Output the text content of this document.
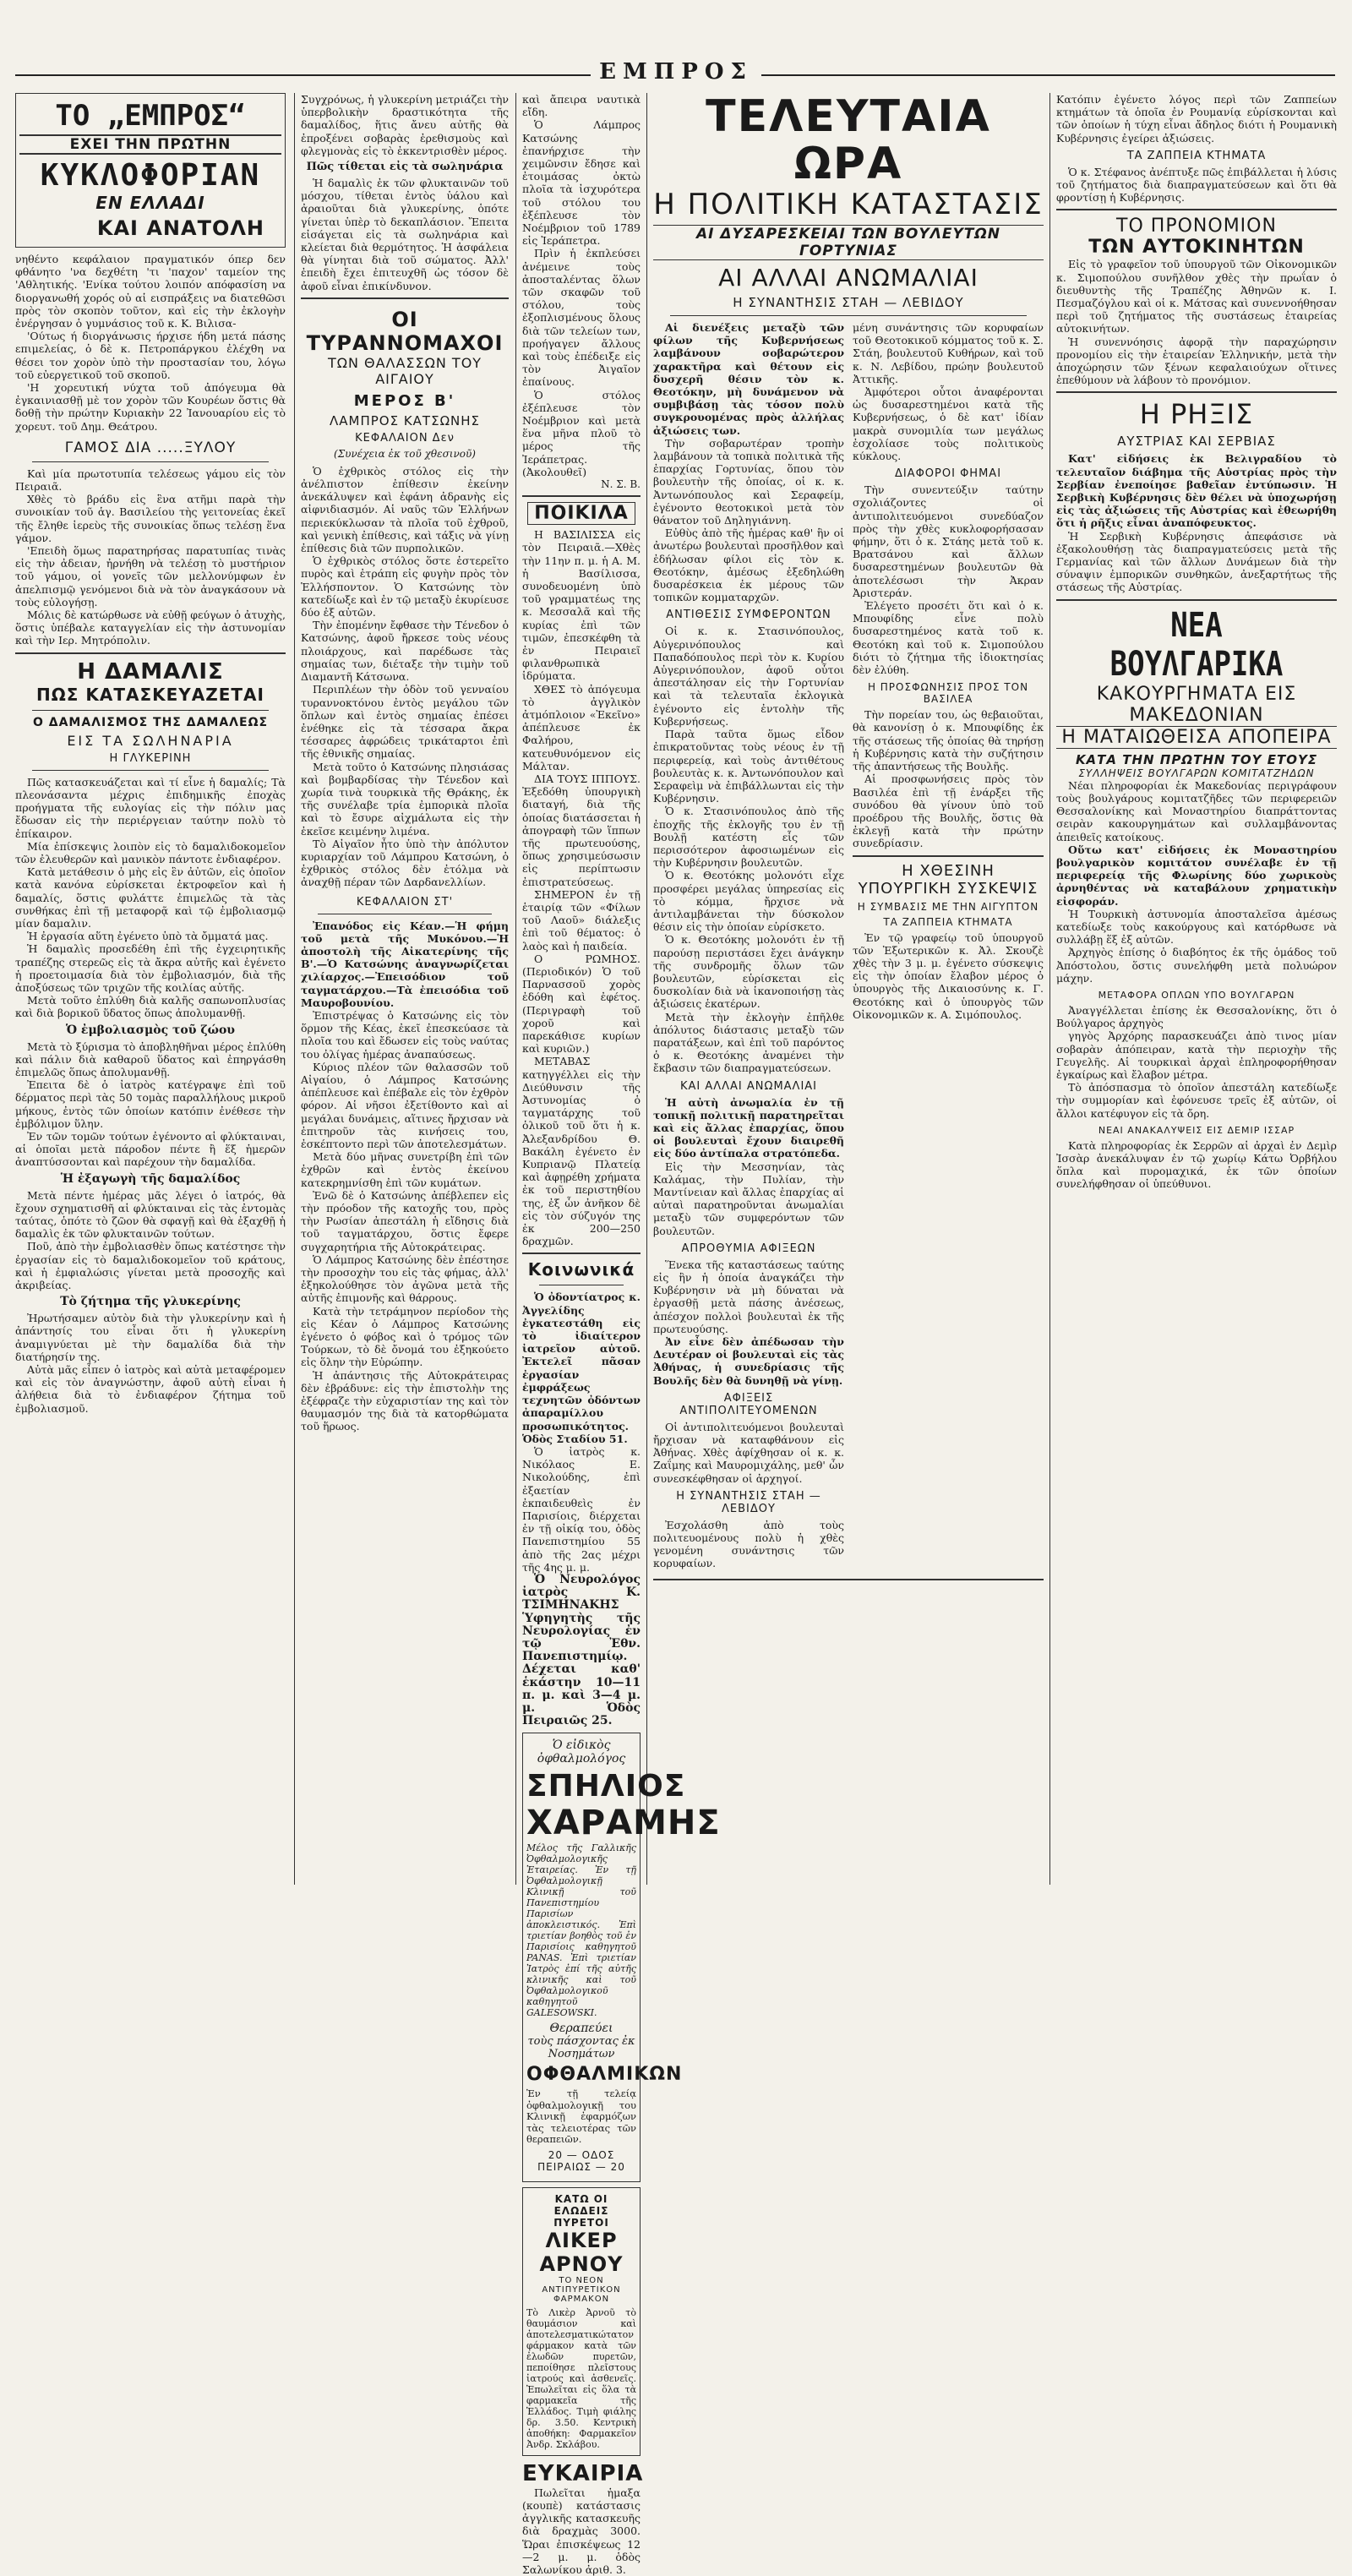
ΕΜΠΡΟΣ
ΤΟ „ΕΜΠΡΟΣ“
ΕΧΕΙ ΤΗΝ ΠΡΩΤΗΝ
ΚΥΚΛΟΦΟΡΙΑΝ
ΕΝ ΕΛΛΑΔΙ
ΚΑΙ ΑΝΑΤΟΛΗ

νηθέντο κεφάλαιον πραγματικόν όπερ δεν φθάνητο 'να δεχθέτη 'τι 'παχον' ταμείον της 'Αθλητικής. 'Ενίκα τούτου λοιπόν απόφασίση να διοργανωθή χορός οὐ αἱ εισπράξεις να διατεθῶσι πρὸς τὸν σκοπὸν τοῦτον, καὶ εἰς τὴν ἐκλογὴν ἐνέργησαν ὁ γυμνάσιος τοῦ κ. Κ. Βιλισα-

'Ούτως ή διοργάνωσις ήρχισε ήδη μετά πάσης επιμελείας, ὁ δὲ κ. Πετροπάργκου ἐλέχθη να θέσει τον χορὸν ὑπὸ τὴν προστασίαν του, λόγω τοῦ εὐεργετικοῦ τοῦ σκοποῦ.

'Η χορευτική νύχτα τοῦ ἀπόγευμα θὰ ἐγκαινιασθῇ μὲ τον χορὸν τῶν Κουρέων ὅστις θὰ δοθῇ τὴν πρώτην Κυριακὴν 22 Ἰανουαρίου εἰς τὸ χορευτ. τοῦ Δημ. Θεάτρου.

ΓΑΜΟΣ ΔΙΑ .....ΞΥΛΟΥ

Καὶ μία πρωτοτυπία τελέσεως γάμου εἰς τὸν Πειραιᾶ.

Χθὲς τὸ βράδυ εἰς ἓνα ατῆμι παρὰ τὴν συνοικίαν τοῦ ἁγ. Βασιλείου τὴς γειτονείας ἐκεῖ τῆς ἔληθε ἱερεὺς τῆς συνοικίας ὅπως τελέσῃ ἕνα γάμον.

'Επειδὴ ὅμως παρατηρήσας παρατυπίας τινὰς εἰς τὴν ἀδειαν, ἠρνήθη νὰ τελέσῃ τὸ μυστήριον τοῦ γάμου, οἱ γονεῖς τῶν μελλονύμφων ἐν ἀπελπισμῷ γενόμενοι διὰ νὰ τὸν ἀναγκάσουν νὰ τοὺς εὐλογήσῃ.

Μόλις δὲ κατώρθωσε νὰ εὐθῇ φεύγων ὁ ἀτυχὴς, ὅστις ὑπέβαλε καταγγελίαν εἰς τὴν ἀστυνομίαν καὶ τὴν Ιερ. Μητρόπολιν.

Η ΔΑΜΑΛΙΣ
ΠΩΣ ΚΑΤΑΣΚΕΥΑΖΕΤΑΙ
Ο ΔΑΜΑΛΙΣΜΟΣ ΤΗΣ ΔΑΜΑΛΕΩΣ
ΕΙΣ ΤΑ ΣΩΛΗΝΑΡΙΑ
Η ΓΛΥΚΕΡΙΝΗ

Πῶς κατασκευάζεται καὶ τί εἶνε ἡ δαμαλίς; Τὰ πλεονάσαντα μέχρις ἐπιδημικῆς ἐποχὰς προήγματα τῆς ευλογίας εἰς τὴν πόλιν μας ἔδωσαν εἰς τὴν περιέργειαν ταύτην πολὺ τὸ ἐπίκαιρον.

Μία ἐπίσκεψις λοιπὸν εἰς τὸ δαμαλιδοκομεῖον τῶν ἐλευθερῶν καὶ μανικὸν πάντοτε ἐνδιαφέρον.

Κατὰ μετάθεσιν ὁ μὴς εἰς ἓν ἀὐτῶν, εἰς ὁποῖον κατὰ κανόνα εὑρίσκεται ἐκτροφεῖον καὶ ἡ δαμαλίς, ὅστις φυλάττε ἐπιμελῶς τὰ τὰς συνθήκας ἐπὶ τῇ μεταφορᾷ καὶ τῷ ἐμβολιασμῷ μίαν δαμαλιν.

Ἡ ἐργασία αὕτη ἐγένετο ὑπὸ τὰ ὄμματά μας.

Ἡ δαμαλὶς προσεδέθη ἐπὶ τῆς ἐγχειρητικῆς τραπέζης στερεῶς εἰς τὰ ἄκρα αὐτῆς καὶ ἐγένετο ἡ προετοιμασία διὰ τὸν ἐμβολιασμόν, διὰ τῆς ἀποξύσεως τῶν τριχῶν τῆς κοιλίας αὐτῆς.

Μετὰ τοῦτο ἐπλύθη διὰ καλῆς σαπωνοπλυσίας καὶ διὰ βορικοῦ ὕδατος ὅπως ἀπολυμανθῇ.

Ὁ ἐμβολιασμὸς τοῦ ζώου

Μετὰ τὸ ξύρισμα τὸ ἀποβληθῆναι μέρος ἐπλύθη καὶ πάλιν διὰ καθαροῦ ὕδατος καὶ ἐπηργάσθη ἐπιμελῶς ὅπως ἀπολυμανθῇ.

Ἐπειτα δὲ ὁ ἰατρὸς κατέγραψε ἐπὶ τοῦ δέρματος περὶ τὰς 50 τομὰς παραλλήλους μικροῦ μήκους, ἐντὸς τῶν ὁποίων κατόπιν ἐνέθεσε τὴν ἐμβόλιμον ὕλην.

Ἐν τῶν τομῶν τούτων ἐγένοντο αἱ φλύκταιναι, αἱ ὁποῖαι μετὰ πάροδον πέντε ἢ ἕξ ἡμερῶν ἀναπτύσσονται καὶ παρέχουν τὴν δαμαλίδα.

Ἡ ἐξαγωγὴ τῆς δαμαλίδος

Μετὰ πέντε ἡμέρας μᾶς λέγει ὁ ἰατρός, θὰ ἔχουν σχηματισθῆ αἱ φλύκταιναι εἰς τὰς ἐντομὰς ταύτας, ὁπότε τὸ ζῶον θὰ σφαγῇ καὶ θὰ ἐξαχθῇ ἡ δαμαλὶς ἐκ τῶν φλυκταινῶν τούτων.

Ποῦ, ἀπὸ τὴν ἐμβολιασθὲν ὅπως κατέστησε τὴν ἐργασίαν εἰς τὸ δαμαλιδοκομεῖον τοῦ κράτους, καὶ ἡ ἐμφιαλώσις γίνεται μετὰ προσοχῆς καὶ ἀκριβείας.

Τὸ ζήτημα τῆς γλυκερίνης

Ἠρωτήσαμεν αὐτὸν διὰ τὴν γλυκερίνην καὶ ἡ ἀπάντησίς του εἶναι ὅτι ἡ γλυκερίνη ἀναμιγνύεται μὲ τὴν δαμαλίδα διὰ τὴν διατήρησίν της.

Αὐτὰ μᾶς εἶπεν ὁ ἰατρὸς καὶ αὐτὰ μεταφέρομεν καὶ εἰς τὸν ἀναγνώστην, ἀφοῦ αὐτὴ εἶναι ἡ ἀλήθεια διὰ τὸ ἐνδιαφέρον ζήτημα τοῦ ἐμβολιασμοῦ.

Συγχρόνως, ἡ γλυκερίνη μετριάζει τὴν ὑπερβολικὴν δραστικότητα τῆς δαμαλίδος, ἥτις ἄνευ αὐτῆς θὰ ἐπροξένει σοβαρὰς ἐρεθισμοὺς καὶ φλεγμονὰς εἰς τὸ ἐκκεντρισθὲν μέρος.

Πῶς τίθεται εἰς τὰ σωληνάρια

Ἡ δαμαλὶς ἐκ τῶν φλυκταινῶν τοῦ μόσχου, τίθεται ἐντὸς ὑάλου καὶ ἀραιοῦται διὰ γλυκερίνης, ὁπότε γίνεται ὑπὲρ τὸ δεκαπλάσιον. Ἔπειτα εἰσάγεται εἰς τὰ σωληνάρια καὶ κλείεται διὰ θερμότητος. Ἡ ἀσφάλεια θὰ γίνηται διὰ τοῦ σώματος. Ἀλλ' ἐπειδὴ ἔχει ἐπιτευχθῆ ὡς τόσον δὲ ἀφοῦ εἶναι ἐπικίνδυνον.

ΟΙ ΤΥΡΑΝΝΟΜΑΧΟΙ
ΤΩΝ ΘΑΛΑΣΣΩΝ ΤΟΥ ΑΙΓΑΙΟΥ
ΜΕΡΟΣ Β'
ΛΑΜΠΡΟΣ ΚΑΤΣΩΝΗΣ
ΚΕΦΑΛΑΙΟΝ Δεν
(Συνέχεια ἐκ τοῦ χθεσινοῦ)

Ὁ ἐχθρικὸς στόλος εἰς τὴν ἀνέλπιστον ἐπίθεσιν ἐκείνην ἀνεκάλυψεν καὶ ἐφάνη ἀδρανὴς εἰς αἰφνιδιασμόν. Αἱ ναῦς τῶν Ἑλλήνων περιεκύκλωσαν τὰ πλοῖα τοῦ ἐχθροῦ, καὶ γενικὴ ἐπίθεσις, καὶ τάξις νὰ γίνῃ ἐπίθεσις διὰ τῶν πυρπολικῶν.

Ὁ ἐχθρικὸς στόλος ὅστε ἐστερεῖτο πυρὸς καὶ ἐτράπη εἰς φυγὴν πρὸς τὸν Ἑλλήσποντον. Ὁ Κατσώνης τὸν κατεδίωξε καὶ ἐν τῷ μεταξὺ ἐκυρίευσε δύο ἐξ αὐτῶν.

Τὴν ἐπομένην ἔφθασε τὴν Τένεδον ὁ Κατσώνης, ἀφοῦ ἤρκεσε τοὺς νέους πλοιάρχους, καὶ παρέδωσε τὰς σημαίας των, διέταξε τὴν τιμὴν τοῦ Διαμαντῆ Κάτσωνα.

Περιπλέων τὴν ὁδὸν τοῦ γενναίου τυραννοκτόνου ἐντὸς μεγάλου τῶν ὅπλων καὶ ἐντὸς σημαίας ἐπέσει ἐνέθηκε εἰς τὰ τέσσαρα ἄκρα τέσσαρες ἀφρώδεις τρικάταρτοι ἐπὶ τῆς ἐθνικῆς σημαίας.

Μετὰ τοῦτο ὁ Κατσώνης πλησιάσας καὶ βομβαρδίσας τὴν Τένεδον καὶ χωρία τινὰ τουρκικὰ τῆς Θράκης, ἐκ τῆς συνέλαβε τρία ἐμπορικὰ πλοῖα καὶ τὸ ἔσυρε αἰχμάλωτα εἰς τὴν ἐκεῖσε κειμένην λιμένα.

Τὸ Αἰγαῖον ἦτο ὑπὸ τὴν ἀπόλυτον κυριαρχίαν τοῦ Λάμπρου Κατσώνη, ὁ ἐχθρικὸς στόλος δὲν ἐτόλμα νὰ ἀναχθῇ πέραν τῶν Δαρδανελλίων.

ΚΕΦΑΛΑΙΟΝ ΣΤ'

Ἐπανόδος εἰς Κέαν.—Ἡ φήμη τοῦ μετὰ τῆς Μυκόνου.—Ἡ ἀποστολὴ τῆς Αἰκατερίνης τῆς Β'.—Ὁ Κατσώνης ἀναγνωρίζεται χιλίαρχος.—Ἐπεισόδιον τοῦ ταγματάρχου.—Τὰ ἐπεισόδια τοῦ Μαυροβουνίου.

Ἐπιστρέψας ὁ Κατσώνης εἰς τὸν ὅρμον τῆς Κέας, ἐκεῖ ἐπεσκεύασε τὰ πλοῖα του καὶ ἔδωσεν εἰς τοὺς ναύτας του ὀλίγας ἡμέρας ἀναπαύσεως.

Κύριος πλέον τῶν θαλασσῶν τοῦ Αἰγαίου, ὁ Λάμπρος Κατσώνης ἀπέπλευσε καὶ ἐπέβαλε εἰς τὸν ἐχθρὸν φόρον. Αἱ νῆσοι ἐξετίθοντο καὶ αἱ μεγάλαι δυνάμεις, αἵτινες ἤρχισαν νὰ ἐπιτηροῦν τὰς κινήσεις του, ἐσκέπτοντο περὶ τῶν ἀποτελεσμάτων.

Μετὰ δύο μῆνας συνετρίβη ἐπὶ τῶν ἐχθρῶν καὶ ἐντὸς ἐκείνου κατεκρημνίσθη ἐπὶ τῶν κυμάτων.

Ἐνῶ δὲ ὁ Κατσώνης ἀπέβλεπεν εἰς τὴν πρόοδον τῆς κατοχῆς του, πρὸς τὴν Ρωσίαν ἀπεστάλη ἡ εἴδησις διὰ τοῦ ταγματάρχου, ὅστις ἔφερε συγχαρητήρια τῆς Αὐτοκράτειρας.

Ὁ Λάμπρος Κατσώνης δὲν ἐπέστησε τὴν προσοχὴν του εἰς τὰς φήμας, ἀλλ' ἐξηκολούθησε τὸν ἀγῶνα μετὰ τῆς αὐτῆς ἐπιμονῆς καὶ θάρρους.

Κατὰ τὴν τετράμηνον περίοδον τὴς εἰς Κέαν ὁ Λάμπρος Κατσώνης ἐγένετο ὁ φόβος καὶ ὁ τρόμος τῶν Τούρκων, τὸ δὲ ὄνομά του ἐξηκούετο εἰς ὅλην τὴν Εὐρώπην.

Ἡ ἀπάντησις τῆς Αὐτοκράτειρας δὲν ἐβράδυνε: εἰς τὴν ἐπιστολὴν της ἐξέφραζε τὴν εὐχαριστίαν της καὶ τὸν θαυμασμόν της διὰ τὰ κατορθώματα τοῦ ἥρωος.

καὶ ἄπειρα ναυτικὰ εἴδη.

Ὁ Λάμπρος Κατσώνης ἐπανήρχισε τὴν χειμῶνσιν ἔδησε καὶ ἐτοιμάσας ὀκτὼ πλοῖα τὰ ἰσχυρότερα τοῦ στόλου του ἐξέπλευσε τὸν Νοέμβριον τοῦ 1789 εἰς Ἰεράπετρα.

Πρὶν ἡ ἐκπλεύσει ἀνέμεινε τοὺς ἀποσταλέντας ὅλων τῶν σκαφῶν τοῦ στόλου, τοὺς ἐξοπλισμένους ὅλους διὰ τῶν τελείων των, προήγαγεν ἄλλους καὶ τοὺς ἐπέδειξε εἰς τὸν Ἀιγαῖον ἐπαίνους.

Ὁ στόλος ἐξέπλευσε τὸν Νοέμβριον καὶ μετὰ ἕνα μῆνα πλοῦ τὸ μέρος τῆς Ἰεράπετρας. (Ἀκολουθεῖ)

Ν. Σ. Β.
ΠΟΙΚΙΛΑ

Η ΒΑΣΙΛΙΣΣΑ εἰς τὸν Πειραιᾶ.—Χθὲς τὴν 11ην π. μ. ἡ Α. Μ. ἡ Βασίλισσα, συνοδευομένη ὑπὸ τοῦ γραμματέως της κ. Μεσσαλᾶ καὶ τῆς κυρίας ἐπὶ τῶν τιμῶν, ἐπεσκέφθη τὰ ἐν Πειραιεῖ φιλανθρωπικὰ ἱδρύματα.

ΧΘΕΣ τὸ ἀπόγευμα τὸ ἀγγλικὸν ἀτμόπλοιον «Ἐκεῖνο» ἀπέπλευσε ἐκ Φαλήρου, κατευθυνόμενον εἰς Μάλταν.

ΔΙΑ ΤΟΥΣ ΙΠΠΟΥΣ. Ἐξεδόθη ὑπουργικὴ διαταγή, διὰ τῆς ὁποίας διατάσσεται ἡ ἀπογραφὴ τῶν ἵππων τῆς πρωτευούσης, ὅπως χρησιμεύσωσιν εἰς περίπτωσιν ἐπιστρατεύσεως.

ΣΗΜΕΡΟΝ ἐν τῇ ἑταιρίᾳ τῶν «Φίλων τοῦ Λαοῦ» διάλεξις ἐπὶ τοῦ θέματος: ὁ λαὸς καὶ ἡ παιδεία.

Ο ΡΩΜΗΟΣ. (Περιοδικόν) Ὁ τοῦ Παρνασσοῦ χορὸς ἐδόθη καὶ ἐφέτος. (Περιγραφὴ τοῦ χοροῦ καὶ παρεκάθισε κυρίων καὶ κυριῶν.)

ΜΕΤΑΒΑΣ κατηγγέλλει εἰς τὴν Διεύθυνσιν τῆς Ἀστυνομίας ὁ ταγματάρχης τοῦ ὁλικοῦ τοῦ ὅτι ἡ κ. Ἀλεξανδρίδου Θ. Βακάλη ἐγένετο ἐν Κυπριανῷ Πλατείᾳ καὶ ἀφῃρέθη χρήματα ἐκ τοῦ περιστηθίου της, ἐξ ὧν ἀνῆκον δὲ εἰς τὸν σύζυγόν της ἐκ 200—250 δραχμῶν.

Κοινωνικά

Ὁ ὀδοντίατρος κ. Ἀγγελίδης ἐγκατεστάθη εἰς τὸ ἰδιαίτερον ἰατρεῖον αὐτοῦ. Ἐκτελεῖ πᾶσαν ἐργασίαν ἐμφράξεως τεχνητῶν ὀδόντων ἀπαραμίλλου προσωπικότητος. Ὁδὸς Σταδίου 51.

Ὁ ἰατρὸς κ. Νικόλαος Ε. Νικολούδης, ἐπὶ ἐξαετίαν ἐκπαιδευθεὶς ἐν Παρισίοις, διέρχεται ἐν τῇ οἰκίᾳ του, ὁδὸς Πανεπιστημίου 55 ἀπὸ τῆς 2ας μέχρι τῆς 4ης μ. μ.

Ὁ Νευρολόγος ἰατρὸς Κ. ΤΣΙΜΗΝΑΚΗΣ Ὑφηγητὴς τῆς Νευρολογίας ἐν τῷ Ἐθν. Πανεπιστημίῳ. Δέχεται καθ' ἑκάστην 10—11 π. μ. καὶ 3—4 μ. μ. Ὁδὸς Πειραιῶς 25.

Ὁ εἰδικὸς ὀφθαλμολόγος
ΣΠΗΛΙΟΣ
ΧΑΡΑΜΗΣ

Μέλος τῆς Γαλλικῆς Ὀφθαλμολογικῆς Ἑταιρείας. Ἐν τῇ Ὀφθαλμολογικῇ Κλινικῇ τοῦ Πανεπιστημίου Παρισίων ἀποκλειστικός. Ἐπὶ τριετίαν βοηθὸς τοῦ ἐν Παρισίοις καθηγητοῦ PANAS. Ἐπὶ τριετίαν Ἰατρὸς ἐπί τῆς αὐτῆς κλινικῆς καὶ τοῦ Ὀφθαλμολογικοῦ καθηγητοῦ GALESOWSKI.

Θεραπεύει
τοὺς πάσχοντας ἐκ Νοσημάτων
ΟΦΘΑΛΜΙΚΩΝ

Ἐν τῇ τελείᾳ ὀφθαλμολογικῇ του Κλινικῇ ἐφαρμόζων τὰς τελειοτέρας τῶν θεραπειῶν.

20 — ΟΔΟΣ ΠΕΙΡΑΙΩΣ — 20
ΚΑΤΩ ΟΙ ΕΛΩΔΕΙΣ ΠΥΡΕΤΟΙ
ΛΙΚΕΡ ΑΡΝΟΥ
ΤΟ ΝΕΟΝ ΑΝΤΙΠΥΡΕΤΙΚΟΝ ΦΑΡΜΑΚΟΝ

Τὸ Λικὲρ Ἀρνοῦ τὸ θαυμάσιον καὶ ἀποτελεσματικώτατον φάρμακον κατὰ τῶν ἐλωδῶν πυρετῶν, πεποίθησε πλεῖστους ἰατρούς καὶ ἀσθενεῖς. Ἐπωλεῖται εἰς ὅλα τὰ φαρμακεῖα τῆς Ἑλλάδος. Τιμὴ φιάλης δρ. 3.50. Κεντρικὴ ἀποθήκη: Φαρμακεῖον Ἀνδρ. Σκλάβου.

ΕΥΚΑΙΡΙΑ

Πωλεῖται ἡμαξα (κουπὲ) κατάστασις ἀγγλικῆς κατασκευῆς διὰ δραχμὰς 3000. Ὥραι ἐπισκέψεως 12—2 μ. μ. ὁδὸς Σαλωνίκου ἀριθ. 3.

ΤΕΛΕΥΤΑΙΑ ΩΡΑ
Η ΠΟΛΙΤΙΚΗ ΚΑΤΑΣΤΑΣΙΣ
ΑΙ ΔΥΣΑΡΕΣΚΕΙΑΙ ΤΩΝ ΒΟΥΛΕΥΤΩΝ ΓΟΡΤΥΝΙΑΣ
ΑΙ ΑΛΛΑΙ ΑΝΩΜΑΛΙΑΙ
Η ΣΥΝΑΝΤΗΣΙΣ ΣΤΑΗ — ΛΕΒΙΔΟΥ

Αἱ διενέξεις μεταξὺ τῶν φίλων τῆς Κυβερνήσεως λαμβάνουν σοβαρώτερον χαρακτῆρα καὶ θέτουν εἰς δυσχερῆ θέσιν τὸν κ. Θεοτόκην, μὴ δυνάμενον νὰ συμβιβάσῃ τὰς τόσον πολὺ συγκρουομένας πρὸς ἀλλήλας ἀξιώσεις των.

Τὴν σοβαρωτέραν τροπὴν λαμβάνουν τὰ τοπικὰ πολιτικὰ τῆς ἐπαρχίας Γορτυνίας, ὅπου τὸν βουλευτὴν τῆς ὁποίας, οἱ κ. κ. Ἀντωνόπουλος καὶ Σεραφείμ, ἐγένοντο θεοτοκικοὶ μετὰ τὸν θάνατον τοῦ Δηληγιάννη.

Εὐθὺς ἀπὸ τῆς ἡμέρας καθ' ἣν οἱ ἀνωτέρω βουλευταὶ προσῆλθον καὶ ἐδήλωσαν φίλοι εἰς τὸν κ. Θεοτόκην, ἀμέσως ἐξεδηλώθη δυσαρέσκεια ἐκ μέρους τῶν τοπικῶν κομματαρχῶν.

ΑΝΤΙΘΕΣΙΣ ΣΥΜΦΕΡΟΝΤΩΝ

Οἱ κ. κ. Στασινόπουλος, Αὐγερινόπουλος καὶ Παπαδόπουλος περὶ τὸν κ. Κυρίου Αὐγερινόπουλον, ἀφοῦ οὗτοι ἀπεστάλησαν εἰς τὴν Γορτυνίαν καὶ τὰ τελευταῖα ἐκλογικὰ ἐγένοντο εἰς ἐντολὴν τῆς Κυβερνήσεως.

Παρὰ ταῦτα ὅμως εἶδον ἐπικρατοῦντας τοὺς νέους ἐν τῇ περιφερείᾳ, καὶ τοὺς ἀντιθέτους βουλευτὰς κ. κ. Ἀντωνόπουλον καὶ Σεραφεὶμ νὰ ἐπιβάλλωνται εἰς τὴν Κυβέρνησιν.

Ὁ κ. Στασινόπουλος ἀπὸ τῆς ἐποχῆς τῆς ἐκλογῆς του ἐν τῇ Βουλῇ κατέστη εἷς τῶν περισσότερον ἀφοσιωμένων εἰς τὴν Κυβέρνησιν βουλευτῶν.

Ὁ κ. Θεοτόκης μολονότι εἶχε προσφέρει μεγάλας ὑπηρεσίας εἰς τὸ κόμμα, ἤρχισε νὰ ἀντιλαμβάνεται τὴν δύσκολον θέσιν εἰς τὴν ὁποίαν εὑρίσκετο.

Ὁ κ. Θεοτόκης μολονότι ἐν τῇ παρούσῃ περιστάσει ἔχει ἀνάγκην τῆς συνδρομῆς ὅλων τῶν βουλευτῶν, εὑρίσκεται εἰς δυσκολίαν διὰ νὰ ἱκανοποιήσῃ τὰς ἀξιώσεις ἑκατέρων.

Μετὰ τὴν ἐκλογὴν ἐπῆλθε ἀπόλυτος διάστασις μεταξὺ τῶν παρατάξεων, καὶ ἐπὶ τοῦ παρόντος ὁ κ. Θεοτόκης ἀναμένει τὴν ἔκβασιν τῶν διαπραγματεύσεων.

ΚΑΙ ΑΛΛΑΙ ΑΝΩΜΑΛΙΑΙ

Ἡ αὐτὴ ἀνωμαλία ἐν τῇ τοπικῇ πολιτικῇ παρατηρεῖται καὶ εἰς ἄλλας ἐπαρχίας, ὅπου οἱ βουλευταὶ ἔχουν διαιρεθῆ εἰς δύο ἀντίπαλα στρατόπεδα.

Εἰς τὴν Μεσσηνίαν, τὰς Καλάμας, τὴν Πυλίαν, τὴν Μαντίνειαν καὶ ἄλλας ἐπαρχίας αἱ αὐταὶ παρατηροῦνται ἀνωμαλίαι μεταξὺ τῶν συμφερόντων τῶν βουλευτῶν.

ΑΠΡΟΘΥΜΙΑ ΑΦΙΞΕΩΝ

Ἕνεκα τῆς καταστάσεως ταύτης εἰς ἣν ἡ ὁποία ἀναγκάζει τὴν Κυβέρνησιν νὰ μὴ δύναται νὰ ἐργασθῇ μετὰ πάσης ἀνέσεως, ἀπέσχον πολλοὶ βουλευταὶ ἐκ τῆς πρωτευούσης.

Ἀν εἶνε δὲν ἀπέδωσαν τὴν Δευτέραν οἱ βουλευταὶ εἰς τὰς Ἀθήνας, ἡ συνεδρίασις τῆς Βουλῆς δὲν θὰ δυνηθῇ νὰ γίνῃ.

ΑΦΙΞΕΙΣ ΑΝΤΙΠΟΛΙΤΕΥΟΜΕΝΩΝ

Οἱ ἀντιπολιτευόμενοι βουλευταὶ ἤρχισαν νὰ καταφθάνουν εἰς Ἀθήνας. Χθὲς ἀφίχθησαν οἱ κ. κ. Ζαΐμης καὶ Μαυρομιχάλης, μεθ' ὧν συνεσκέφθησαν οἱ ἀρχηγοί.

Η ΣΥΝΑΝΤΗΣΙΣ ΣΤΑΗ — ΛΕΒΙΔΟΥ

Ἐσχολάσθη ἀπὸ τοὺς πολιτευομένους πολὺ ἡ χθὲς γενομένη συνάντησις τῶν κορυφαίων.

μένη συνάντησις τῶν κορυφαίων τοῦ Θεοτοκικοῦ κόμματος τοῦ κ. Σ. Στάη, βουλευτοῦ Κυθήρων, καὶ τοῦ κ. Ν. Λεβίδου, πρώην βουλευτοῦ Ἀττικῆς.

Ἀμφότεροι οὗτοι ἀναφέρονται ὡς δυσαρεστημένοι κατὰ τῆς Κυβερνήσεως, ὁ δὲ κατ' ἰδίαν μακρὰ συνομιλία των μεγάλως ἐσχολίασε τοὺς πολιτικοὺς κύκλους.

ΔΙΑΦΟΡΟΙ ΦΗΜΑΙ

Τὴν συνεντεύξιν ταύτην σχολιάζοντες οἱ ἀντιπολιτευόμενοι συνεδύαζον πρὸς τὴν χθὲς κυκλοφορήσασαν φήμην, ὅτι ὁ κ. Στάης μετὰ τοῦ κ. Βρατσάνου καὶ ἄλλων δυσαρεστημένων βουλευτῶν θὰ ἀποτελέσωσι τὴν Ἀκραν Ἀριστεράν.

Ἐλέγετο προσέτι ὅτι καὶ ὁ κ. Μπουφίδης εἶνε πολὺ δυσαρεστημένος κατὰ τοῦ κ. Θεοτόκη καὶ τοῦ κ. Σιμοπούλου διότι τὸ ζήτημα τῆς ἰδιοκτησίας δὲν ἐλύθη.

Η ΠΡΟΣΦΩΝΗΣΙΣ ΠΡΟΣ ΤΟΝ ΒΑΣΙΛΕΑ

Τὴν πορείαν του, ὡς θεβαιοῦται, θὰ κανονίσῃ ὁ κ. Μπουφίδης ἐκ τῆς στάσεως τῆς ὁποίας θὰ τηρήσῃ ἡ Κυβέρνησις κατὰ τὴν συζήτησιν τῆς ἀπαντήσεως τῆς Βουλῆς.

Αἱ προσφωνήσεις πρὸς τὸν Βασιλέα ἐπὶ τῇ ἐνάρξει τῆς συνόδου θὰ γίνουν ὑπὸ τοῦ προέδρου τῆς Βουλῆς, ὅστις θὰ ἐκλεγῇ κατὰ τὴν πρώτην συνεδρίασιν.

Η ΧΘΕΣΙΝΗ
ΥΠΟΥΡΓΙΚΗ ΣΥΣΚΕΨΙΣ
Η ΣΥΜΒΑΣΙΣ ΜΕ ΤΗΝ ΑΙΓΥΠΤΟΝ
ΤΑ ΖΑΠΠΕΙΑ ΚΤΗΜΑΤΑ

Ἐν τῷ γραφείῳ τοῦ ὑπουργοῦ τῶν Ἐξωτερικῶν κ. Ἀλ. Σκουζὲ χθὲς τὴν 3 μ. μ. ἐγένετο σύσκεψις εἰς τὴν ὁποίαν ἔλαβον μέρος ὁ ὑπουργὸς τῆς Δικαιοσύνης κ. Γ. Θεοτόκης καὶ ὁ ὑπουργὸς τῶν Οἰκονομικῶν κ. Α. Σιμόπουλος.

Κατόπιν ἐγένετο λόγος περὶ τῶν Ζαππείων κτημάτων τὰ ὁποῖα ἐν Ρουμανίᾳ εὑρίσκονται καὶ τῶν ὁποίων ἡ τύχη εἶναι ἄδηλος διότι ἡ Ρουμανικὴ Κυβέρνησις ἐγείρει ἀξιώσεις.

ΤΑ ΖΑΠΠΕΙΑ ΚΤΗΜΑΤΑ

Ὁ κ. Στέφανος ἀνέπτυξε πῶς ἐπιβάλλεται ἡ λύσις τοῦ ζητήματος διὰ διαπραγματεύσεων καὶ ὅτι θὰ φροντίσῃ ἡ Κυβέρνησις.

ΤΟ ΠΡΟΝΟΜΙΟΝ
ΤΩΝ ΑΥΤΟΚΙΝΗΤΩΝ

Εἰς τὸ γραφεῖον τοῦ ὑπουργοῦ τῶν Οἰκονομικῶν κ. Σιμοπούλου συνῆλθον χθὲς τὴν πρωΐαν ὁ διευθυντὴς τῆς Τραπέζης Ἀθηνῶν κ. Ι. Πεσμαζόγλου καὶ οἱ κ. Μάτσας καὶ συνεννοήθησαν περὶ τοῦ ζητήματος τῆς συστάσεως ἑταιρείας αὐτοκινήτων.

Ἡ συνεννόησις ἀφορᾷ τὴν παραχώρησιν προνομίου εἰς τὴν ἑταιρείαν Ἑλληνικήν, μετὰ τὴν ἀποχώρησιν τῶν ξένων κεφαλαιούχων οἵτινες ἐπεθύμουν νὰ λάβουν τὸ προνόμιον.

Η ΡΗΞΙΣ
ΑΥΣΤΡΙΑΣ ΚΑΙ ΣΕΡΒΙΑΣ

Κατ' εἰδήσεις ἐκ Βελιγραδίου τὸ τελευταῖον διάβημα τῆς Αὐστρίας πρὸς τὴν Σερβίαν ἐνεποίησε βαθεῖαν ἐντύπωσιν. Ἡ Σερβικὴ Κυβέρνησις δὲν θέλει νὰ ὑποχωρήσῃ εἰς τὰς ἀξιώσεις τῆς Αὐστρίας καὶ ἐθεωρήθη ὅτι ἡ ρῆξις εἶναι ἀναπόφευκτος.

Ἡ Σερβικὴ Κυβέρνησις ἀπεφάσισε νὰ ἐξακολουθήσῃ τὰς διαπραγματεύσεις μετὰ τῆς Γερμανίας καὶ τῶν ἄλλων Δυνάμεων διὰ τὴν σύναψιν ἐμπορικῶν συνθηκῶν, ἀνεξαρτήτως τῆς στάσεως τῆς Αὐστρίας.

ΝΕΑ ΒΟΥΛΓΑΡΙΚΑ
ΚΑΚΟΥΡΓΗΜΑΤΑ ΕΙΣ ΜΑΚΕΔΟΝΙΑΝ
Η ΜΑΤΑΙΩΘΕΙΣΑ ΑΠΟΠΕΙΡΑ
ΚΑΤΑ ΤΗΝ ΠΡΩΤΗΝ ΤΟΥ ΕΤΟΥΣ
ΣΥΛΛΗΨΕΙΣ ΒΟΥΛΓΑΡΩΝ ΚΟΜΙΤΑΤΖΗΔΩΝ

Νέαι πληροφορίαι ἐκ Μακεδονίας περιγράφουν τοὺς βουλγάρους κομιτατζῆδες τῶν περιφερειῶν Θεσσαλονίκης καὶ Μοναστηρίου διαπράττοντας σειρὰν κακουργημάτων καὶ συλλαμβάνοντας ἀπειθεῖς κατοίκους.

Οὕτω κατ' εἰδήσεις ἐκ Μοναστηρίου βουλγαρικὸν κομιτάτον συνέλαβε ἐν τῇ περιφερείᾳ τῆς Φλωρίνης δύο χωρικοὺς ἀρνηθέντας νὰ καταβάλουν χρηματικὴν εἰσφοράν.

Ἡ Τουρκικὴ ἀστυνομία ἀποσταλεῖσα ἀμέσως κατεδίωξε τοὺς κακούργους καὶ κατόρθωσε νὰ συλλάβῃ ἕξ ἐξ αὐτῶν.

Ἀρχηγὸς ἐπίσης ὁ διαβόητος ἐκ τῆς ὁμάδος τοῦ Ἀπόστολου, ὅστις συνελήφθη μετὰ πολυώρον μάχην.

ΜΕΤΑΦΟΡΑ ΟΠΛΩΝ ΥΠΟ ΒΟΥΛΓΑΡΩΝ

Ἀναγγέλλεται ἐπίσης ἐκ Θεσσαλονίκης, ὅτι ὁ Βούλγαρος ἀρχηγὸς

γηγὸς Ἀρχόρης παρασκευάζει ἀπὸ τινος μίαν σοβαρὰν ἀπόπειραν, κατὰ τὴν περιοχὴν τῆς Γευγελῆς. Αἱ τουρκικαὶ ἀρχαὶ ἐπληροφορήθησαν ἐγκαίρως καὶ ἔλαβον μέτρα.

Τὸ ἀπόσπασμα τὸ ὁποῖον ἀπεστάλη κατεδίωξε τὴν συμμορίαν καὶ ἐφόνευσε τρεῖς ἐξ αὐτῶν, οἱ ἄλλοι κατέφυγον εἰς τὰ ὄρη.

ΝΕΑΙ ΑΝΑΚΑΛΥΨΕΙΣ ΕΙΣ ΔΕΜΙΡ ΙΣΣΑΡ

Κατὰ πληροφορίας ἐκ Σερρῶν αἱ ἀρχαὶ ἐν Δεμὶρ Ἰσσὰρ ἀνεκάλυψαν ἐν τῷ χωρίῳ Κάτω Ὀρβήλου ὅπλα καὶ πυρομαχικά, ἐκ τῶν ὁποίων συνελήφθησαν οἱ ὑπεύθυνοι.
